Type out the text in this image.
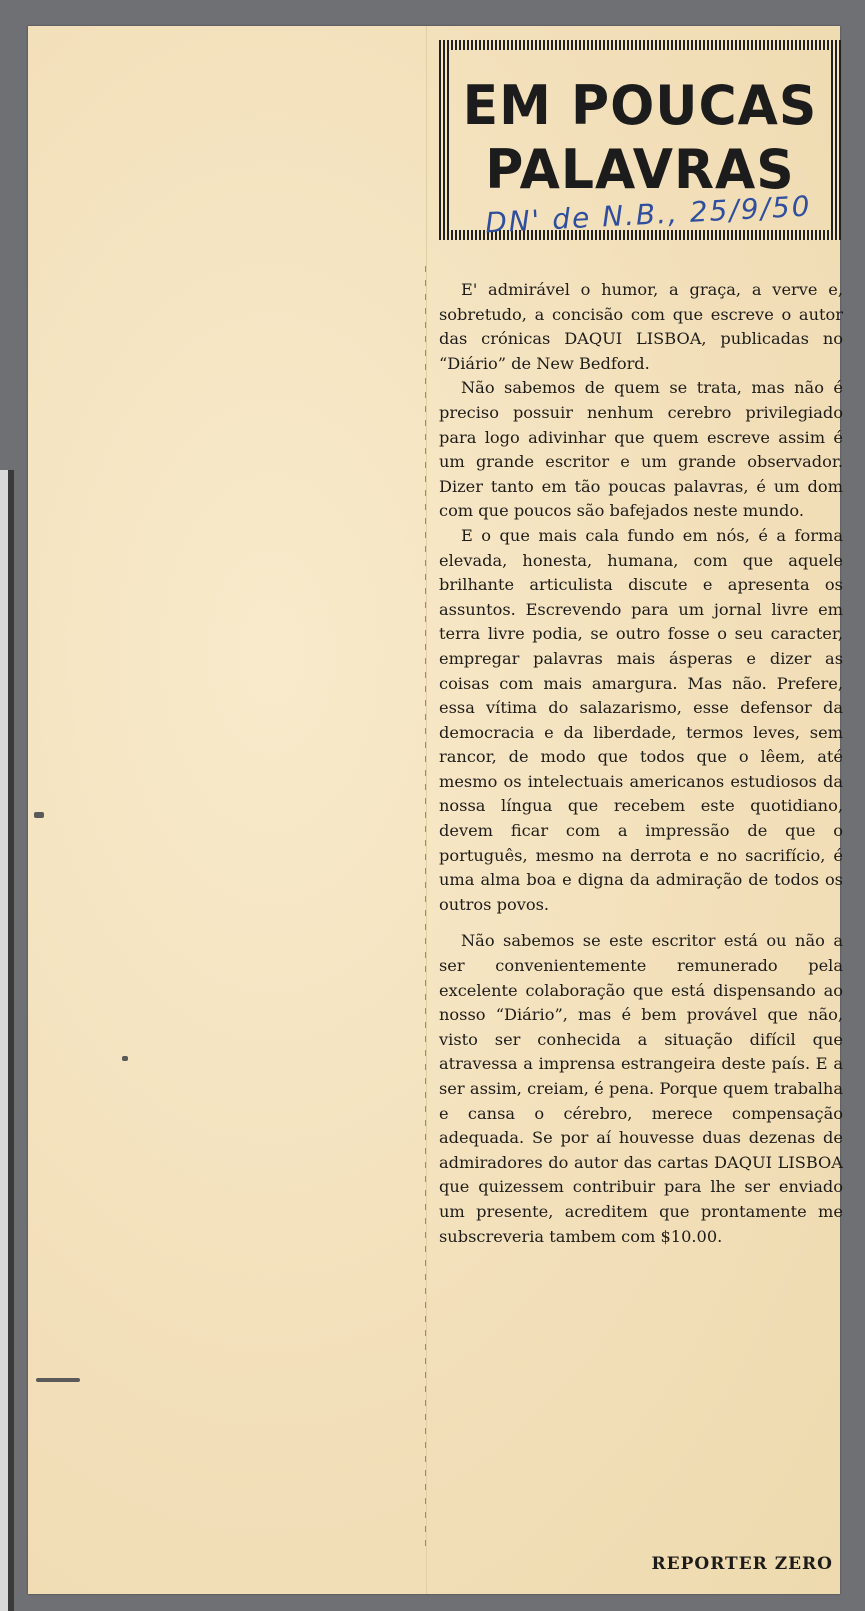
EM POUCAS
PALAVRAS
DN' de N.B., 25/9/50

E' admirável o humor, a graça, a verve e, sobretudo, a concisão com que escreve o autor das crónicas DAQUI LISBOA, publicadas no “Diário” de New Bedford.

Não sabemos de quem se trata, mas não é preciso possuir nenhum cerebro privilegiado para logo adivinhar que quem escreve assim é um grande escritor e um grande observador. Dizer tanto em tão poucas palavras, é um dom com que poucos são bafejados neste mundo.

E o que mais cala fundo em nós, é a forma elevada, honesta, humana, com que aquele brilhante articulista discute e apresenta os assuntos. Escrevendo para um jornal livre em terra livre podia, se outro fosse o seu caracter, empregar palavras mais ásperas e dizer as coisas com mais amargura. Mas não. Prefere, essa vítima do salazarismo, esse defensor da democracia e da liberdade, termos leves, sem rancor, de modo que todos que o lêem, até mesmo os intelectuais americanos estudiosos da nossa língua que recebem este quotidiano, devem ficar com a impressão de que o português, mesmo na derrota e no sacrifício, é uma alma boa e digna da admiração de todos os outros povos.

Não sabemos se este escritor está ou não a ser convenientemente remunerado pela excelente colaboração que está dispensando ao nosso “Diário”, mas é bem provável que não, visto ser conhecida a situação difícil que atravessa a imprensa estrangeira deste país. E a ser assim, creiam, é pena. Porque quem trabalha e cansa o cérebro, merece compensação adequada. Se por aí houvesse duas dezenas de admiradores do autor das cartas DAQUI LISBOA que quizessem contribuir para lhe ser enviado um presente, acreditem que prontamente me subscreveria tambem com $10.00.

REPORTER ZERO
